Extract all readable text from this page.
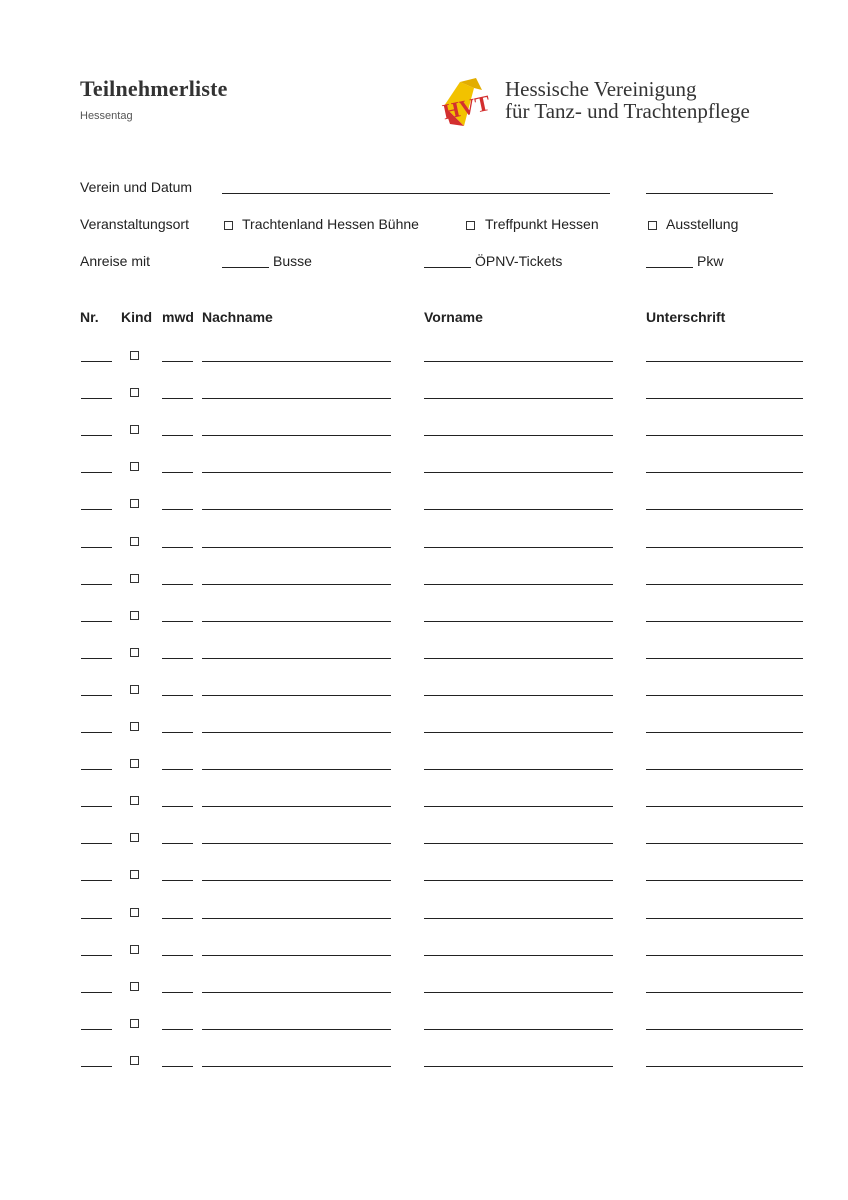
Teilnehmerliste
Hessentag	HVT
Hessische Vereinigung
für Tanz- und Trachtenpflege
Verein und Datum
Veranstaltungsort	Trachtenland Hessen Bühne	Treffpunkt Hessen	Ausstellung
Anreise mit	Busse	ÖPNV-Tickets	Pkw
Nr. Kind mwd Nachname	Vorname	Unterschrift
